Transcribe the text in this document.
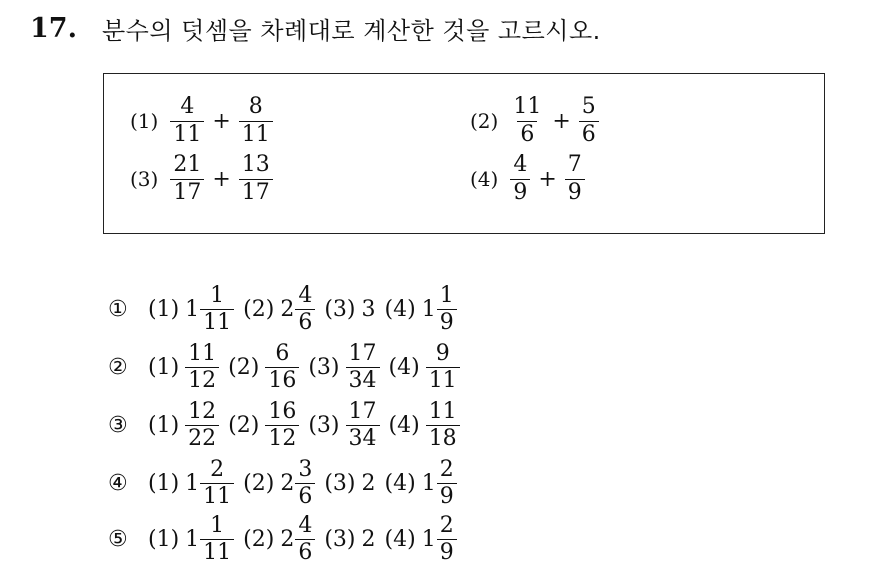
17.	분수의 덧셈을 차례대로 계산한 것을 고르시오.
$(1) \frac{4}{11} + \frac{8}{11}$	$(2) \frac{11}{6} + \frac{5}{6}$
$(3) \frac{21}{17} + \frac{13}{17}$	$(4) \frac{4}{9} + \frac{7}{9}$
① (1) $1 \frac{1}{11} (2)$ $2 \frac{4}{6} (3)$ 3 (4) $1 \frac{1}{9}$
② $(1) \frac{11}{12} (2) \frac{6}{16} (3) \frac{17}{34} (4) \frac{9}{11}$
③ $(1) \frac{12}{22} (2) \frac{16}{12} (3) \frac{17}{34} (4) \frac{11}{18}$
④ (1) $1 \frac{2}{11} (2)$ $2 \frac{3}{6} (3)$ 2 (4) $1 \frac{2}{9}$
⑤ (1) $1 \frac{1}{11} (2)$ $2 \frac{4}{6} (3)$ 2 (4) $1 \frac{2}{9}$
